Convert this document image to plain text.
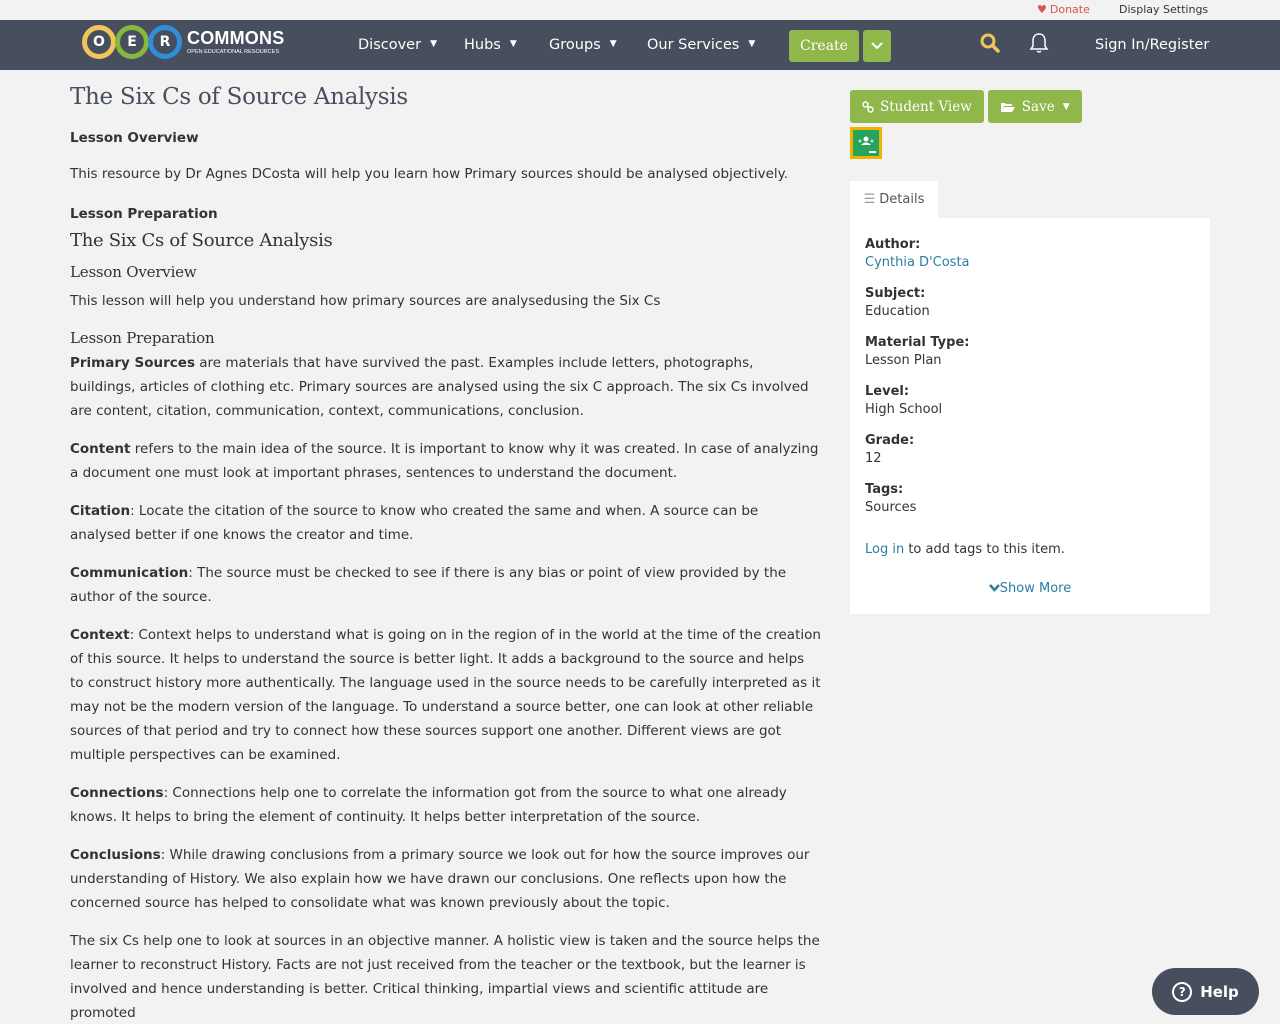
♥ Donate	Display Settings
O	E	R COMMONS
OPEN EDUCATIONAL RESOURCES	Discover ▼ Hubs ▼ Groups ▼ Our Services ▼	Create	Sign In/Register
The Six Cs of Source Analysis
Lesson Overview
This resource by Dr Agnes DCosta will help you learn how Primary sources should be analysed objectively.
Lesson Preparation
The Six Cs of Source Analysis
Lesson Overview
This lesson will help you understand how primary sources are analysedusing the Six Cs
Lesson Preparation
Primary Sources are materials that have survived the past. Examples include letters, photographs, buildings, articles of clothing etc. Primary sources are analysed using the six C approach. The six Cs involved are content, citation, communication, context, communications, conclusion.
Content refers to the main idea of the source. It is important to know why it was created. In case of analyzing a document one must look at important phrases, sentences to understand the document.
Citation: Locate the citation of the source to know who created the same and when. A source can be analysed better if one knows the creator and time.
Communication: The source must be checked to see if there is any bias or point of view provided by the author of the source.
Context: Context helps to understand what is going on in the region of in the world at the time of the creation of this source. It helps to understand the source is better light. It adds a background to the source and helps to construct history more authentically. The language used in the source needs to be carefully interpreted as it may not be the modern version of the language. To understand a source better, one can look at other reliable sources of that period and try to connect how these sources support one another. Different views are got multiple perspectives can be examined.
Connections: Connections help one to correlate the information got from the source to what one already knows. It helps to bring the element of continuity. It helps better interpretation of the source.
Conclusions: While drawing conclusions from a primary source we look out for how the source improves our understanding of History. We also explain how we have drawn our conclusions. One reflects upon how the concerned source has helped to consolidate what was known previously about the topic.
The six Cs help one to look at sources in an objective manner. A holistic view is taken and the source helps the learner to reconstruct History. Facts are not just received from the teacher or the textbook, but the learner is involved and hence understanding is better. Critical thinking, impartial views and scientific attitude are promoted
Student View	Save ▼
☰ Details
Author:
Cynthia D'Costa
Subject:
Education
Material Type:
Lesson Plan
Level:
High School
Grade:
12
Tags:
Sources
Log in to add tags to this item.
Show More
? Help
